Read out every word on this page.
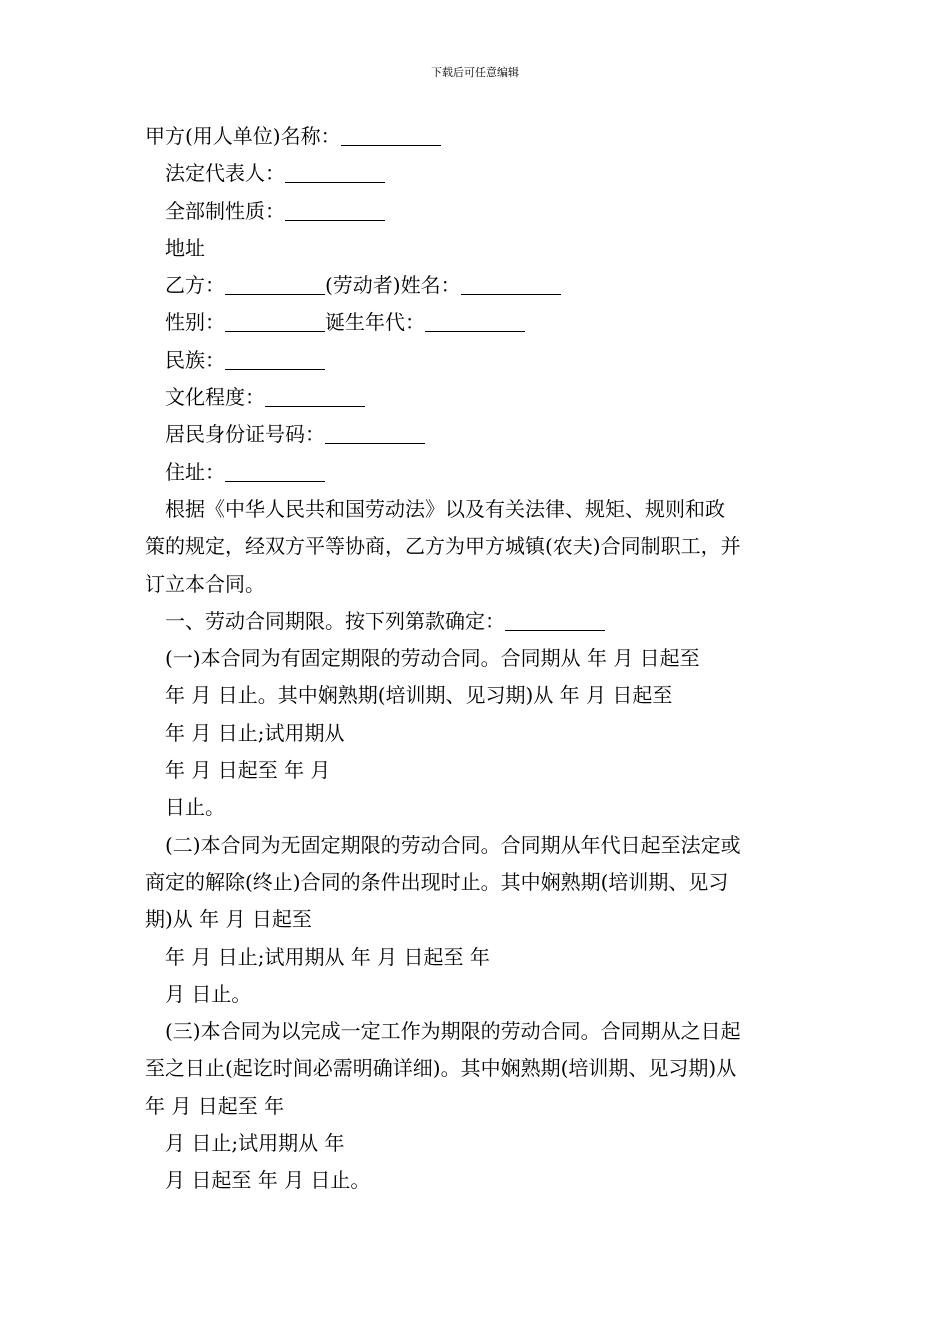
下载后可任意编辑
甲方(用人单位)名称：
法定代表人：
全部制性质：
地址
乙方：	(劳动者)姓名：
性别：	诞生年代：
民族：
文化程度：
居民身份证号码：
住址：
根据《中华人民共和国劳动法》以及有关法律、规矩、规则和政
策的规定，经双方平等协商，乙方为甲方城镇(农夫)合同制职工，并
订立本合同。
一、劳动合同期限。按下列第款确定：
(一)本合同为有固定期限的劳动合同。合同期从 年 月 日起至
年 月 日止。其中娴熟期(培训期、见习期)从 年 月 日起至
年 月 日止;试用期从
年 月 日起至 年 月
日止。
(二)本合同为无固定期限的劳动合同。合同期从年代日起至法定或
商定的解除(终止)合同的条件出现时止。其中娴熟期(培训期、见习
期)从 年 月 日起至
年 月 日止;试用期从 年 月 日起至 年
月 日止。
(三)本合同为以完成一定工作为期限的劳动合同。合同期从之日起
至之日止(起讫时间必需明确详细)。其中娴熟期(培训期、见习期)从
年 月 日起至 年
月 日止;试用期从 年
月 日起至 年 月 日止。
